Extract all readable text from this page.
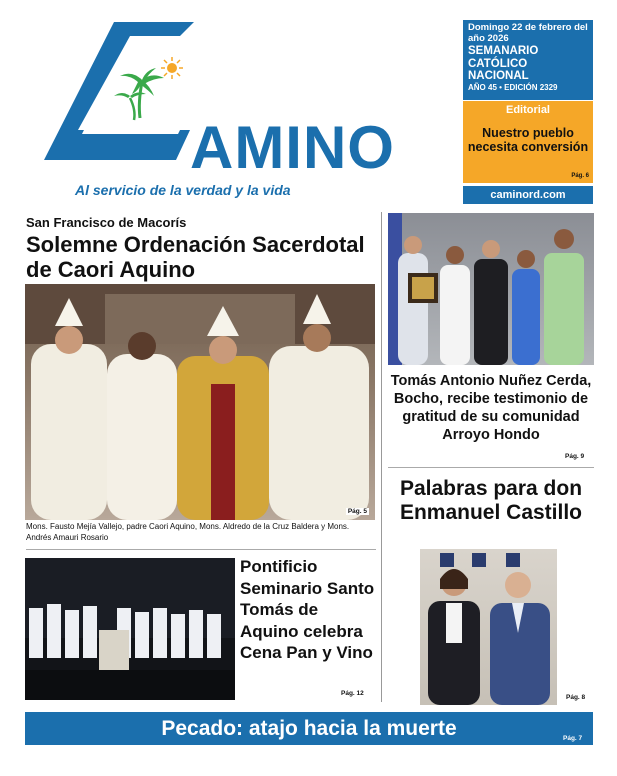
AMINO
Al servicio de la verdad y la vida
Domingo 22 de febrero del año 2026
SEMANARIO CATÓLICO NACIONAL
AÑO 45 • EDICIÓN 2329
Editorial
Nuestro pueblo necesita conversión
Pág. 6
caminord.com
San Francisco de Macorís
Solemne Ordenación Sacerdotal de Caori Aquino
Pág. 5
Mons. Fausto Mejía Vallejo, padre Caori Aquino, Mons. Aldredo de la Cruz Baldera y Mons. Andrés Amauri Rosario
Tomás Antonio Nuñez Cerda, Bocho, recibe testimonio de gratitud de su comunidad Arroyo Hondo
Pág. 9
Palabras para don Enmanuel Castillo
Pág. 8
Pontificio Seminario Santo Tomás de Aquino celebra Cena Pan y Vino
Pág. 12
Pecado: atajo hacia la muerte	Pág. 7
